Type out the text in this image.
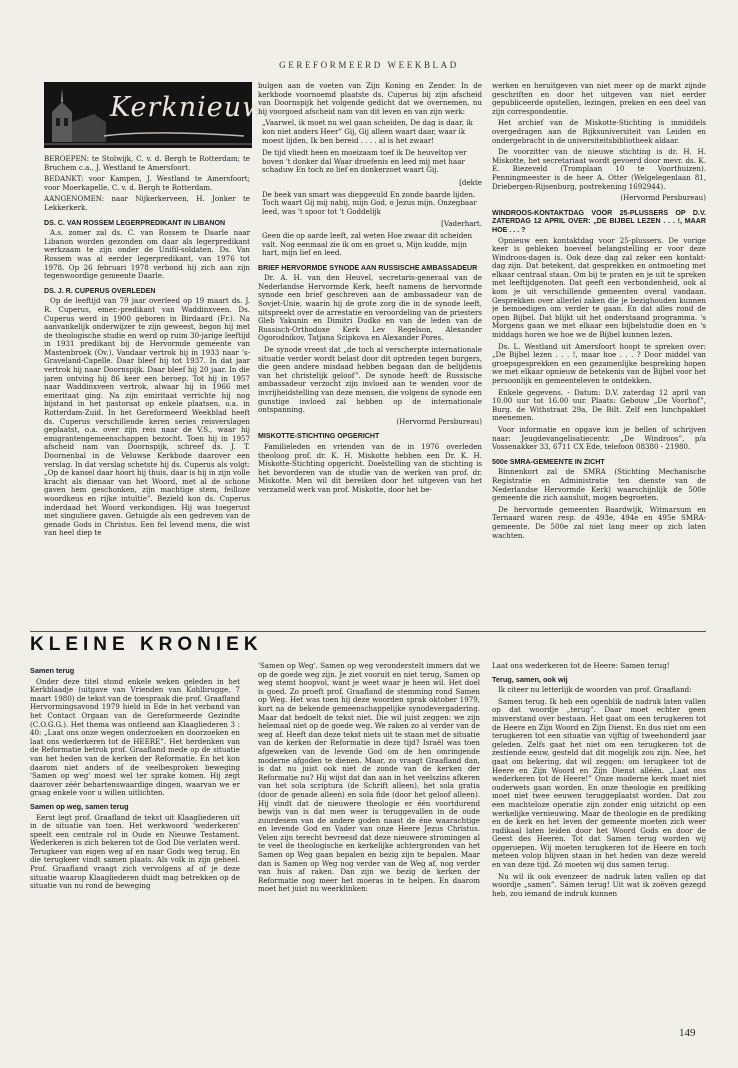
GEREFORMEERD WEEKBLAD
Kerknieuws

BEROEPEN: te Stolwijk, C. v. d. Bergh te Rotterdam; te Bruchem c.a., J. Westland te Amersfoort.

BEDANKT: voor Kampen, J. Westland te Amersfoort; voor Moerkapelle, C. v. d. Bergh te Rotterdam.

AANGENOMEN: naar Nijkerkerveen, H. Jonker te Lekkerkerk.

DS. C. VAN ROSSEM LEGERPREDIKANT IN LIBANON

A.s. zomer zal ds. C. van Rossem te Daarle naar Libanon worden gezonden om daar als legerpredikant werkzaam te zijn onder de Unifil-soldaten. Ds. Van Rossem was al eerder legerpredikant, van 1976 tot 1978. Op 26 februari 1978 verbond hij zich aan zijn tegenwoordige gemeente Daarle.

DS. J. R. CUPERUS OVERLEDEN

Op de leeftijd van 79 jaar overleed op 19 maart ds. J. R. Cuperus, emer.-predikant van Waddinxveen. Ds. Cuperus werd in 1900 geboren in Birdaard (Fr.). Na aanvankelijk onderwijzer te zijn geweest, begon hij met de theologische studie en werd op ruim 30-jarige leeftijd in 1931 predikant bij de Hervormde gemeente van Mastenbroek (Ov.). Vandaar vertrok hij in 1933 naar 's-Graveland-Capelle. Daar bleef hij tot 1937. In dat jaar vertrok hij naar Doornspijk. Daar bleef hij 20 jaar. In die jaren ontving hij 86 keer een beroep. Tot hij in 1957 naar Waddinxveen vertrok, alwaar hij in 1966 met emeritaat ging. Na zijn emiritaat verrichte hij nog bijstand in het pastoraat op enkele plaatsen, o.a. in Rotterdam-Zuid. In het Gereformeerd Weekblad heeft ds. Cuperus verschillende keren series reisverslagen geplaatst, o.a. over zijn reis naar de V.S., waar hij emigrantengemeenschappen bezocht. Toen hij in 1957 afscheid nam van Doornspijk, schreef ds. J. T. Doornenbal in de Veluwse Kerkbode daarover een verslag. In dat verslag schetste hij ds. Cuperus als volgt: „Op de kansel daar hoort hij thuis, daar is hij in zijn volle kracht als dienaar van het Woord, met al de schone gaven hem geschonken, zijn machtige stem, feilloze woordkeus en rijke intuïtie”. Bezield kon ds. Cuperus inderdaad het Woord verkondigen. Hij was toegerust met singuliere gaven. Getuigde als een gedreven van de genade Gods in Christus. Een fel levend mens, die wist van heel diep te

bulgen aan de voeten van Zijn Koning en Zender. In de kerkbode voornoemd plaatste ds. Cuperus bij zijn afscheid van Doornspijk het volgende gedicht dat we overnemen, nu hij voorgoed afscheid nam van dit leven en van zijn werk:

„Vaarwel, ik moet nu wel gaan scheiden, De dag is daar, ik kon niet anders Heer” Gij, Gij alleen waart daar, waar ik moest lijden, Ik ben bereid . . . . al is het zwaar!

De tijd vliedt heen en moeizaam toef ik De heuveltop ver boven 't donker dal Waar droefenis en leed mij met haar schaduw En toch zo lief en donkerzoet waart Gij.

[dekte

De beek van smart was diepgevuld En zonde baarde lijden. Toch waart Gij mij nabij, mijn God, o Jezus mijn. Onzegbaar leed, was 't spoor tot 't Goddelijk

[Vaderhart.

Geen die op aarde leeft, zal weten Hoe zwaar dit scheiden valt. Nog eenmaal zie ik om en groet u, Mijn kudde, mijn hart, mijn lief en leed.

BRIEF HERVORMDE SYNODE AAN RUSSISCHE AMBASSADEUR

Dr. A. H. van den Heuvel, secretaris-generaal van de Nederlandse Hervormde Kerk, heeft namens de hervormde synode een brief geschreven aan de ambassadeur van de Sovjet-Unie, waarin hij de grote zorg die in de synode leeft, uitspreekt over de arrestatie en veroordeling van de priesters Gleb Yakunin en Dimitri Dudko en van de leden van de Russisch-Orthodoxe Kerk Lev Regelson, Alexander Ogorodnikov, Tatjana Scipkova en Alexander Pores.

De synode vreest dat „de toch al verscherpte internationale situatie verder wordt belast door dit optreden tegen burgers, die geen andere misdaad hebben begaan dan de belijdenis van het christelijk geloof”. De synode heeft de Russische ambassadeur verzocht zijn invloed aan te wenden voor de invrijheidstelling van deze mensen, die volgens de synode een gunstige invloed zal hebben op de internationale ontspanning.

(Hervormd Persbureau)

MISKOTTE-STICHTING OPGERICHT

Familieleden en vrienden van de in 1976 overleden theoloog prof. dr. K. H. Miskotte hebben een Dr. K. H. Miskotte-Stichting opgericht. Doelstelling van de stichting is het bevorderen van de studie van de werken van prof. dr. Miskotte. Men wil dit bereiken door het uitgeven van het verzameld werk van prof. Miskotte, door het be-

werken en heruitgeven van niet meer op de markt zijnde geschriften en door het uitgeven van niet eerder gepubliceerde opstellen, lezingen, preken en een deel van zijn correspondentie.

Het archief van de Miskotte-Stichting is inmiddels overgedragen aan de Rijksuniversiteit van Leiden en ondergebracht in de universiteitsbibliotheek aldaar.

De voorzitter van de nieuwe stichting is dr. H. H. Miskotte, het secretariaat wordt gevoerd door mevr. ds. K. E. Biezeveld (Tromplaan 10 te Voorthuizen). Penningmeester is de heer A. Otter (Welgelegenlaan 81, Driebergen-Rijsenburg, postrekening 1692944).

(Hervormd Persbureau)

WINDROOS-KONTAKTDAG VOOR 25-PLUSSERS OP D.V. ZATERDAG 12 APRIL OVER: „DE BIJBEL LEZEN . . . !, MAAR HOE . . . ?

Opnieuw een kontaktdag voor 25-plussers. De vorige keer is gebleken hoeveel belangstelling er voor deze Windroos-dagen is. Ook deze dag zal zeker een kontakt-dag zijn. Dat betekent, dat gesprekken en ontmoeting met elkaar centraal staan. Om bij te praten en je uit te spreken met leeftijdgenoten. Dat geeft een verbondenheid, ook al kom je uit verschillende gemeenten overal vandaan. Gesprekken over allerlei zaken die je bezighouden kunnen je bemoedigen om verder te gaan. En dat alles rond de open Bijbel. Dat blijkt uit het onderstaand programma. 's Morgens gaan we met elkaar een bijbelstudie doen en 's middags horen we hoe we de Bijbel kunnen lezen.

Ds. L. Westland uit Amersfoort hoopt te spreken over: „De Bijbel lezen . . . !, maar hoe . . . ? Door middel van groepsgesprekken en een gezamenlijke bespreking hopen we met elkaar opnieuw de betekenis van de Bijbel voor het persoonlijk en gemeenteleven te ontdekken.

Enkele gegevens. - Datum: D.V. zaterdag 12 april van 10.00 uur tot 16.00 uur. Plaats: Gebouw „De Voorhof”, Burg. de Withstraat 29a, De Bilt. Zelf een lunchpakket meenemen.

Voor informatie en opgave kun je bellen of schrijven naar: Jeugdevangelisatiecentr. „De Windroos”, p/a Vossenakker 33, 6711 CX Ede, telefoon 08380 - 21980.

500e SMRA-GEMEENTE IN ZICHT

Binnenkort zal de SMRA (Stichting Mechanische Registratie en Administratie ten dienste van de Nederlandse Hervormde Kerk) waarschijnlijk de 500e gemeente die zich aansluit, mogen begroeten.

De hervormde gemeenten Baardwijk, Witmarsum en Ternaard waren resp. de 493e, 494e en 495e SMRA-gemeente. De 500e zal niet lang meer op zich laten wachten.

KLEINE KRONIEK
Samen terug

Onder deze titel stond enkele weken geleden in het Kerkblaadje (uitgave van Vrienden van Kohlbrugge, 7 maart 1980) de tekst van de toespraak die prof. Graafland Hervormingsavond 1979 hield in Ede in het verband van het Contact Orgaan van de Gereformeerde Gezindte (C.O.G.G.). Het thema was ontleend aan Klaagliederen 3 : 40: „Laat ons onze wegen onderzoeken en doorzoeken en laat ons wederkeren tot de HEERE”. Het herdenken van de Reformatie betrok prof. Graafland mede op de situatie van het heden van de kerken der Reformatie. En het kon daarom niet anders of de veelbesproken beweging 'Samen op weg' moest wel ter sprake komen. Hij zegt daarover zéér behartenswaardige dingen, waarvan we er graag enkele voor u willen uitlichten.

Samen op weg, samen terug

Eerst legt prof. Graafland de tekst uit Klaagliederen uit in de situatie van toen. Het werkwoord 'wederkeren' speelt een centrale rol in Oude en Nieuwe Testament. Wederkeren is zich bekeren tot de God Die verlaten werd. Terugkeer van eigen weg af en naar Gods weg terug. En die terugkeer vindt samen plaats. Als volk in zijn geheel. Prof. Graafland vraagt zich vervolgens af of je deze situatie waarop Klaagliederen duidt mag betrekken op de situatie van nu rond de beweging

'Samen op Weg'. Samen op weg veronderstelt immers dat we op de goede weg zijn. Je ziet vooruit en niet terug, Samen op weg stemt hoopvol, want je weet waar je heen wil. Het doel is goed. Zo proeft prof. Graafland de stemming rond Samen op Weg. Het was toen hij deze woorden sprak oktober 1979, kort na de bekende gemeenschappelijke synodevergadering. Maar dat bedoelt de tekst niet. Die wil juist zeggen: we zijn helemaal niet op de goede weg. We raken zo al verder van de weg af. Heeft dan deze tekst niets uit te staan met de situatie van de kerken der Reformatie in deze tijd? Israël was toen afgeweken van de levende God om de hen omringende moderne afgoden te dienen. Maar, zo vraagt Graafland dan, is dat nu juist ook niet de zonde van de kerken der Reformatie nu? Hij wijst dat dan aan in het veelszins afkeren van het sola scriptura (de Schrift alleen), het sola gratia (door de genade alleen) en sola fide (door het geloof alleen). Hij vindt dat de nieuwere theologie er één voortdurend bewijs van is dat men weer is teruggevallen in de oude zuurdesem van de andere goden naast de éne waarachtige en levende God en Vader van onze Heere Jezus Christus. Velen zijn terecht bevreesd dat deze nieuwere stromingen al te veel de theologische en kerkelijke achtergronden van het Samen op Weg gaan bepalen en bezig zijn te bepalen. Maar dan is Samen op Weg nog verder van de Weg af, nog verder van huis af raken. Dan zijn we bezig de kerken der Reformatie nog meer het moeras in te helpen. En daarom moet het juist nu weerklinken:

Laat ons wederkeren tot de Heere: Samen terug!

Terug, samen, ook wij

Ik citeer nu letterlijk de woorden van prof. Graafland:

Samen terug. Ik heb een ogenblik de nadruk laten vallen op dat woordje „terug”. Daar moet echter geen misverstand over bestaan. Het gaat om een terugkeren tot de Heere en Zijn Woord en Zijn Dienst. En dus niet om een terugkeren tot een situatie van vijftig of tweehonderd jaar geleden. Zelfs gaat het niet om een terugkeren tot de zestiende eeuw, gesteld dat dit mogelijk zou zijn. Nee, het gaat om bekering, dat wil zeggen: om terugkeer tot de Heere en Zijn Woord en Zijn Dienst alléén. „Laat ons wederkeren tot de Heere!” Onze moderne kerk moet niet ouderwets gaan worden. En onze theologie en prediking moet niet twee eeuwen teruggeplaatst worden. Dat zou een machteloze operatie zijn zonder enig uitzicht op een werkelijke vernieuwing. Maar de theologie en de prediking en de kerk en het leven der gemeente moeten zich weer radikaal laten leiden door het Woord Gods en door de Geest des Heeren. Tot dat Samen terug worden wij opgeroepen. Wij moeten terugkeren tot de Heere en toch meteen volop blijven staan in het heden van deze wereld en van deze tijd. Zó moeten wij dus samen terug.

Nu wil ik ook evenzeer de nadruk laten vallen op dat woordje „samen”. Sámen terug! Uit wat ik zoëven gezegd heb, zou iemand de indruk kunnen

149
